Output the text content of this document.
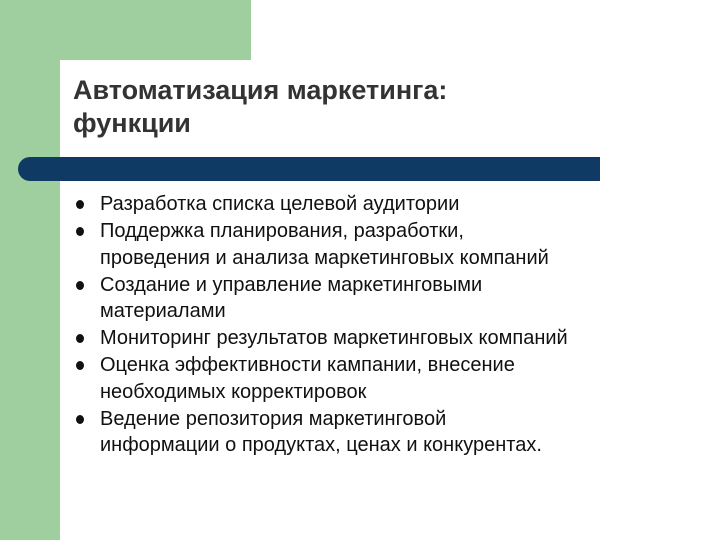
Автоматизация маркетинга:
функции
Разработка списка целевой аудитории
Поддержка планирования, разработки,
проведения и анализа маркетинговых компаний
Создание и управление маркетинговыми
материалами
Мониторинг результатов маркетинговых компаний
Оценка эффективности кампании, внесение
необходимых корректировок
Ведение репозитория маркетинговой
информации о продуктах, ценах и конкурентах.
